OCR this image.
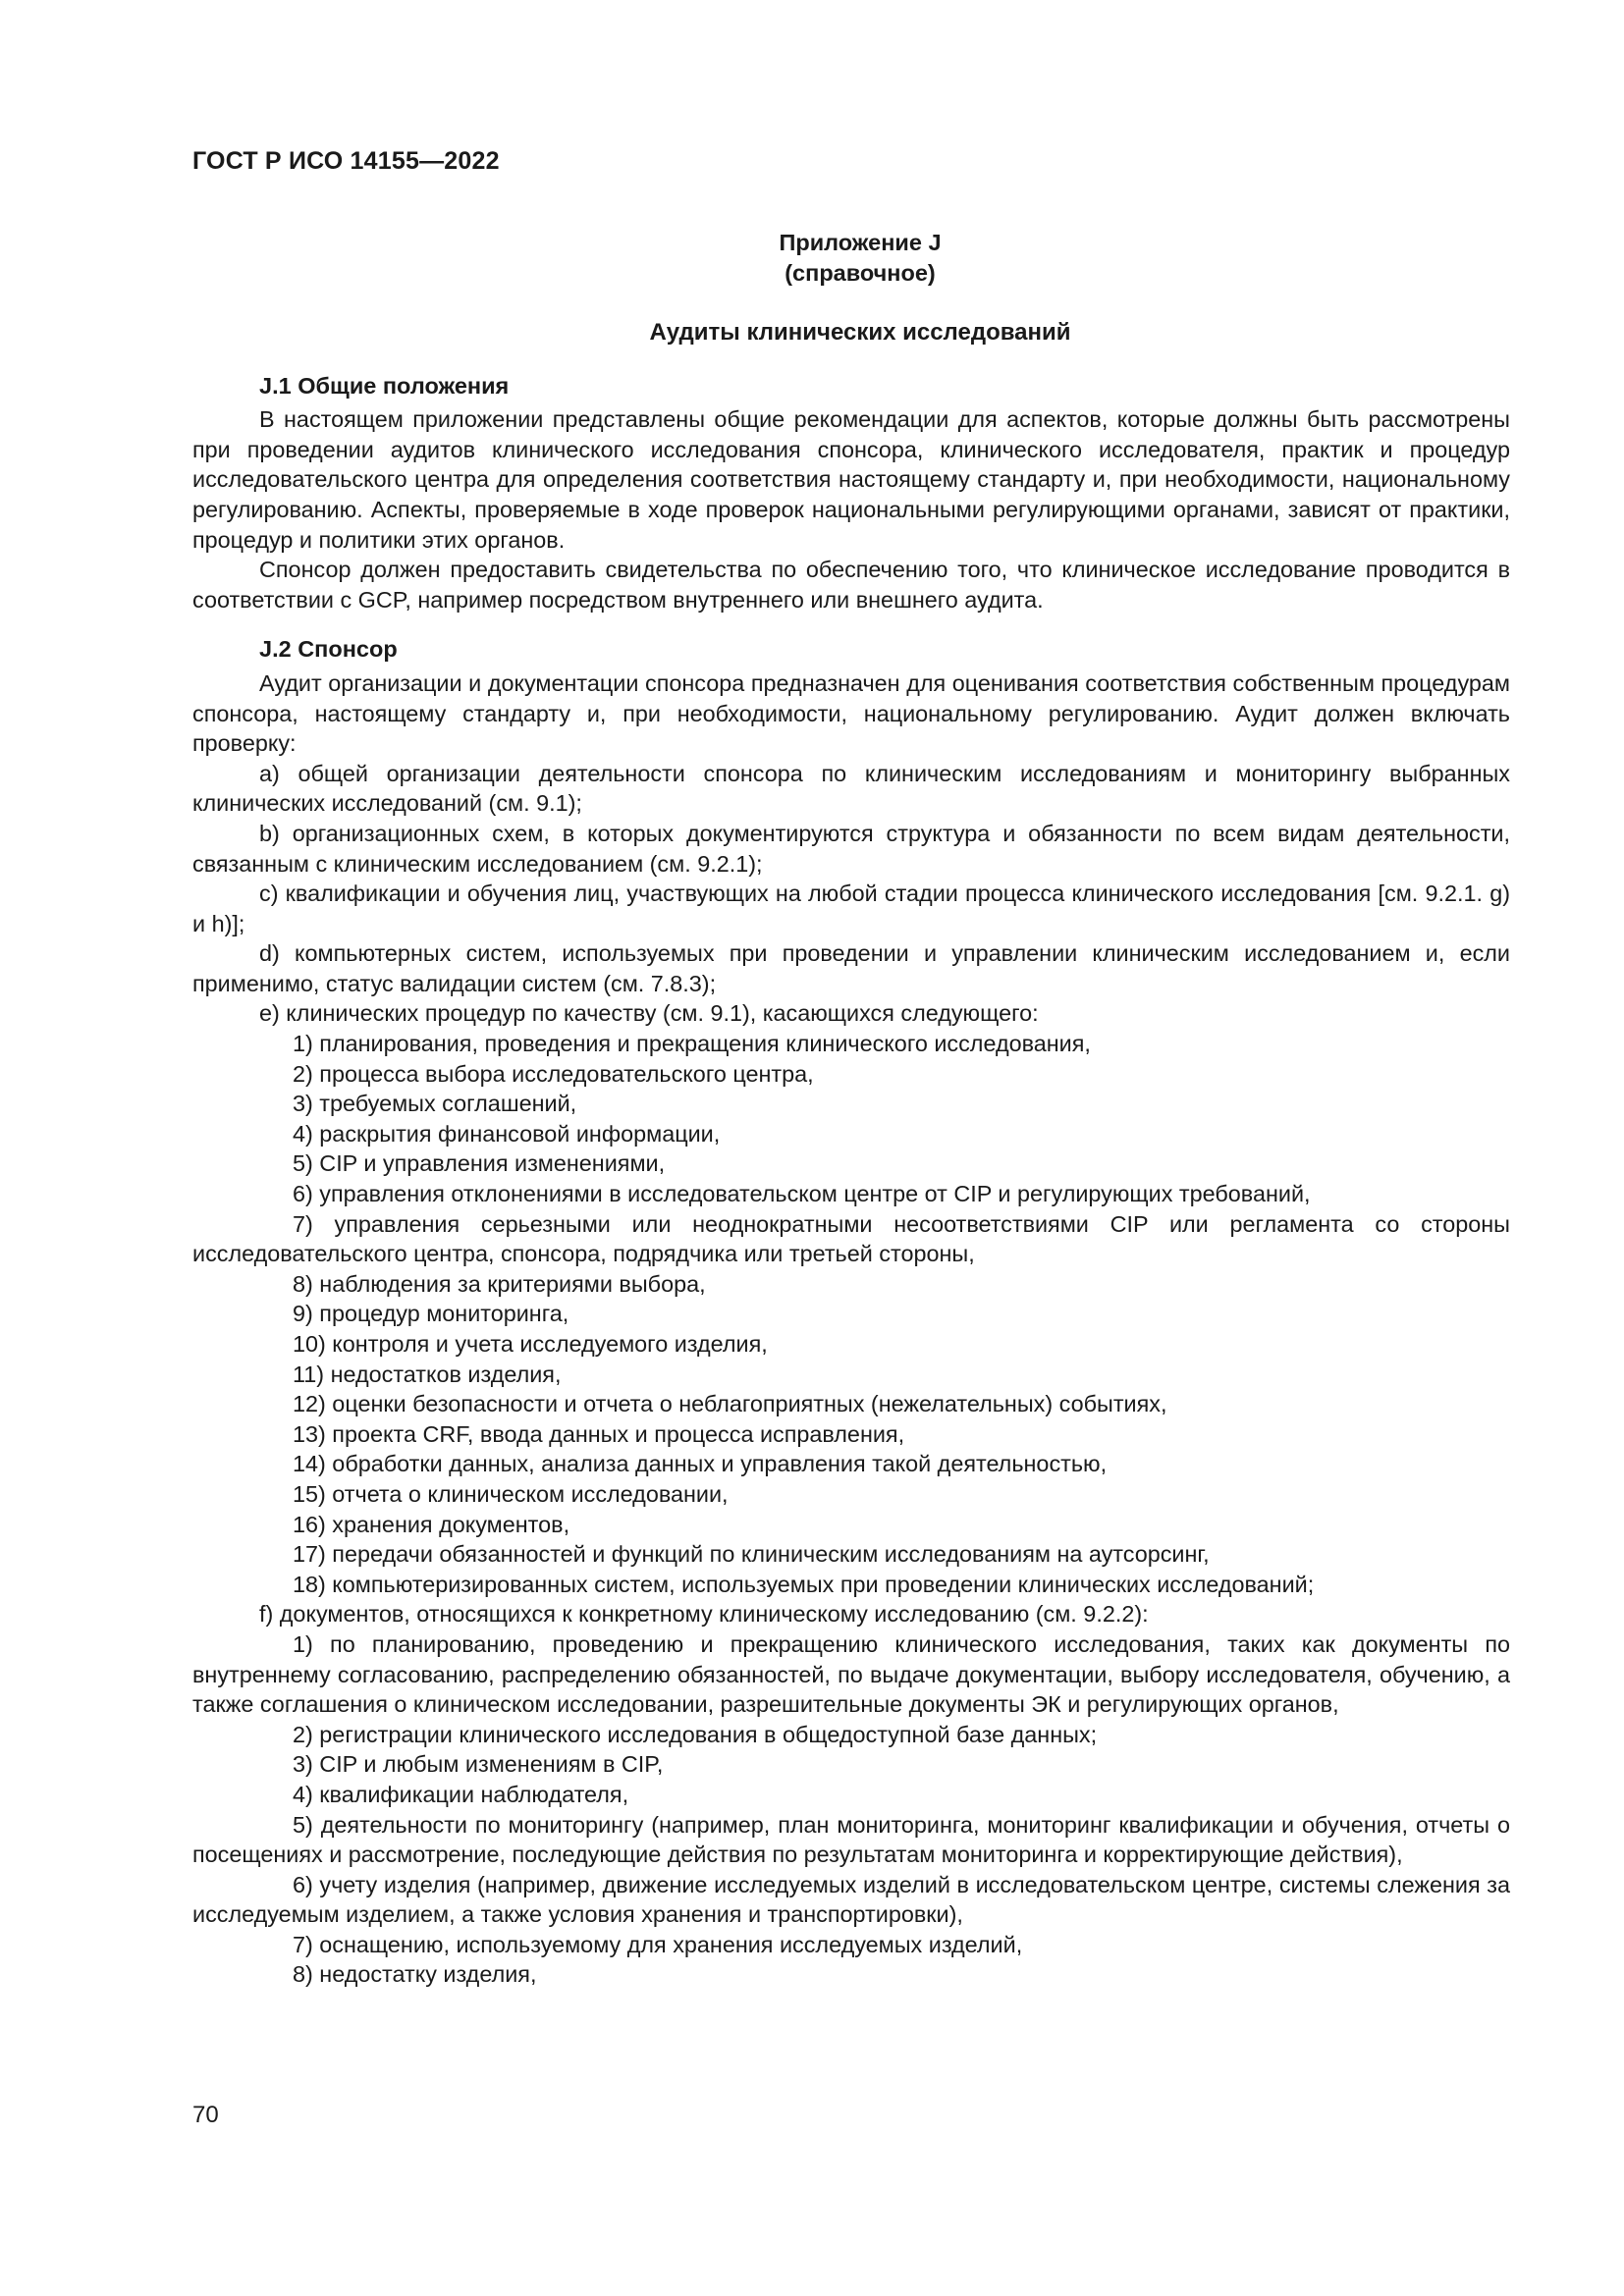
ГОСТ Р ИСО 14155—2022
Приложение J
(справочное)
Аудиты клинических исследований
J.1 Общие положения

В настоящем приложении представлены общие рекомендации для аспектов, которые должны быть рассмотрены при проведении аудитов клинического исследования спонсора, клинического исследователя, практик и процедур исследовательского центра для определения соответствия настоящему стандарту и, при необходимости, национальному регулированию. Аспекты, проверяемые в ходе проверок национальными регулирующими органами, зависят от практики, процедур и политики этих органов.

Спонсор должен предоставить свидетельства по обеспечению того, что клиническое исследование проводится в соответствии с GCP, например посредством внутреннего или внешнего аудита.

J.2 Спонсор

Аудит организации и документации спонсора предназначен для оценивания соответствия собственным процедурам спонсора, настоящему стандарту и, при необходимости, национальному регулированию. Аудит должен включать проверку:

a) общей организации деятельности спонсора по клиническим исследованиям и мониторингу выбранных клинических исследований (см. 9.1);

b) организационных схем, в которых документируются структура и обязанности по всем видам деятельности, связанным с клиническим исследованием (см. 9.2.1);

c) квалификации и обучения лиц, участвующих на любой стадии процесса клинического исследования [см. 9.2.1. g) и h)];

d) компьютерных систем, используемых при проведении и управлении клиническим исследованием и, если применимо, статус валидации систем (см. 7.8.3);

e) клинических процедур по качеству (см. 9.1), касающихся следующего:

1) планирования, проведения и прекращения клинического исследования,

2) процесса выбора исследовательского центра,

3) требуемых соглашений,

4) раскрытия финансовой информации,

5) CIP и управления изменениями,

6) управления отклонениями в исследовательском центре от CIP и регулирующих требований,

7) управления серьезными или неоднократными несоответствиями CIP или регламента со стороны исследовательского центра, спонсора, подрядчика или третьей стороны,

8) наблюдения за критериями выбора,

9) процедур мониторинга,

10) контроля и учета исследуемого изделия,

11) недостатков изделия,

12) оценки безопасности и отчета о неблагоприятных (нежелательных) событиях,

13) проекта CRF, ввода данных и процесса исправления,

14) обработки данных, анализа данных и управления такой деятельностью,

15) отчета о клиническом исследовании,

16) хранения документов,

17) передачи обязанностей и функций по клиническим исследованиям на аутсорсинг,

18) компьютеризированных систем, используемых при проведении клинических исследований;

f) документов, относящихся к конкретному клиническому исследованию (см. 9.2.2):

1) по планированию, проведению и прекращению клинического исследования, таких как документы по внутреннему согласованию, распределению обязанностей, по выдаче документации, выбору исследователя, обучению, а также соглашения о клиническом исследовании, разрешительные документы ЭК и регулирующих органов,

2) регистрации клинического исследования в общедоступной базе данных;

3) CIP и любым изменениям в CIP,

4) квалификации наблюдателя,

5) деятельности по мониторингу (например, план мониторинга, мониторинг квалификации и обучения, отчеты о посещениях и рассмотрение, последующие действия по результатам мониторинга и корректирующие действия),

6) учету изделия (например, движение исследуемых изделий в исследовательском центре, системы слежения за исследуемым изделием, а также условия хранения и транспортировки),

7) оснащению, используемому для хранения исследуемых изделий,

8) недостатку изделия,

70
